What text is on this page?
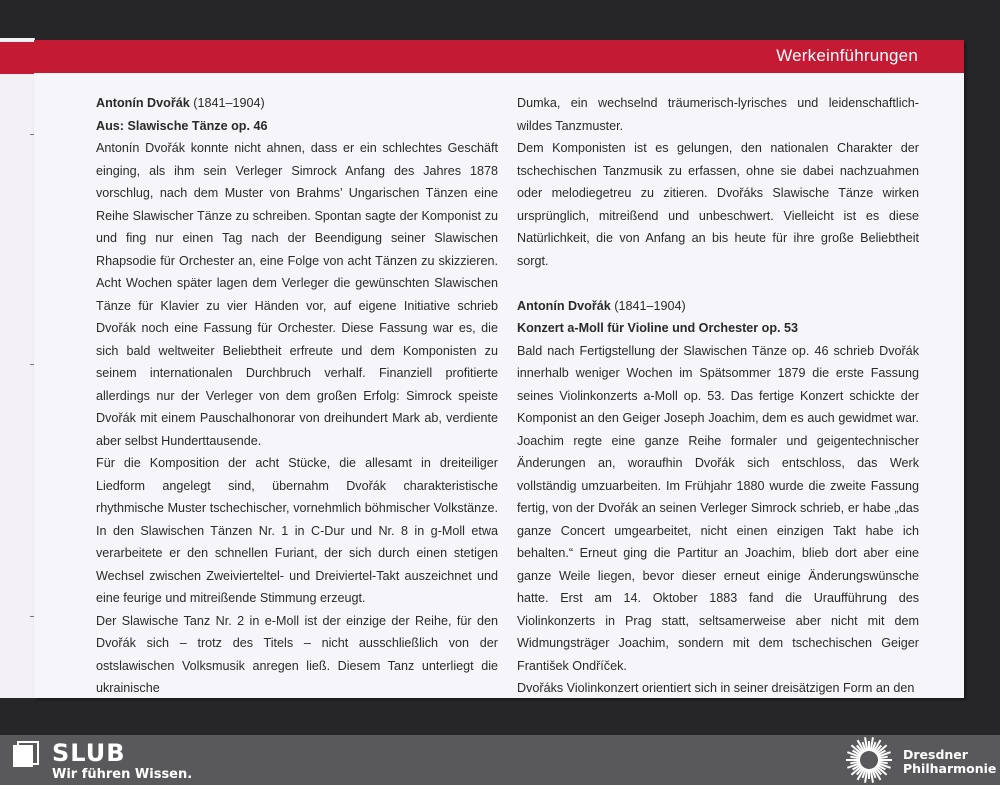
Werkeinführungen

Antonín Dvořák (1841–1904)

Aus: Slawische Tänze op. 46

Antonín Dvořák konnte nicht ahnen, dass er ein schlechtes Geschäft einging, als ihm sein Verleger Simrock Anfang des Jahres 1878 vorschlug, nach dem Muster von Brahms’ Ungarischen Tänzen eine Reihe Slawischer Tänze zu schreiben. Spontan sagte der Komponist zu und fing nur einen Tag nach der Beendigung seiner Slawischen Rhapsodie für Orchester an, eine Folge von acht Tänzen zu skizzieren. Acht Wochen später lagen dem Verleger die gewünschten Slawischen Tänze für Klavier zu vier Händen vor, auf eigene Initiative schrieb Dvořák noch eine Fassung für Orchester. Diese Fassung war es, die sich bald weltweiter Beliebtheit erfreute und dem Komponisten zu seinem internationalen Durchbruch verhalf. Finanziell profitierte allerdings nur der Verleger von dem großen Erfolg: Simrock speiste Dvořák mit einem Pauschalhonorar von dreihundert Mark ab, verdiente aber selbst Hunderttausende.

Für die Komposition der acht Stücke, die allesamt in dreiteiliger Liedform angelegt sind, übernahm Dvořák charakteristische rhythmische Muster tschechischer, vornehmlich böhmischer Volkstänze. In den Slawischen Tänzen Nr. 1 in C-Dur und Nr. 8 in g-Moll etwa verarbeitete er den schnellen Furiant, der sich durch einen stetigen Wechsel zwischen Zweivierteltel- und Dreiviertel-Takt auszeichnet und eine feurige und mitreißende Stimmung erzeugt.

Der Slawische Tanz Nr. 2 in e-Moll ist der einzige der Reihe, für den Dvořák sich – trotz des Titels – nicht ausschließlich von der ostslawischen Volksmusik anregen ließ. Diesem Tanz unterliegt die ukrainische

Dumka, ein wechselnd träumerisch-lyrisches und leidenschaftlich-wildes Tanzmuster.

Dem Komponisten ist es gelungen, den nationalen Charakter der tschechischen Tanzmusik zu erfassen, ohne sie dabei nachzuahmen oder melodiegetreu zu zitieren. Dvořáks Slawische Tänze wirken ursprünglich, mitreißend und unbeschwert. Vielleicht ist es diese Natürlichkeit, die von Anfang an bis heute für ihre große Beliebtheit sorgt.

Antonín Dvořák (1841–1904)

Konzert a-Moll für Violine und Orchester op. 53

Bald nach Fertigstellung der Slawischen Tänze op. 46 schrieb Dvořák innerhalb weniger Wochen im Spätsommer 1879 die erste Fassung seines Violinkonzerts a-Moll op. 53. Das fertige Konzert schickte der Komponist an den Geiger Joseph Joachim, dem es auch gewidmet war. Joachim regte eine ganze Reihe formaler und geigentechnischer Änderungen an, woraufhin Dvořák sich entschloss, das Werk vollständig umzuarbeiten. Im Frühjahr 1880 wurde die zweite Fassung fertig, von der Dvořák an seinen Verleger Simrock schrieb, er habe „das ganze Concert umgearbeitet, nicht einen einzigen Takt habe ich behalten.“ Erneut ging die Partitur an Joachim, blieb dort aber eine ganze Weile liegen, bevor dieser erneut einige Änderungswünsche hatte. Erst am 14. Oktober 1883 fand die Uraufführung des Violinkonzerts in Prag statt, seltsamerweise aber nicht mit dem Widmungsträger Joachim, sondern mit dem tschechischen Geiger František Ondříček.

Dvořáks Violinkonzert orientiert sich in seiner dreisätzigen Form an den

SLUB
Wir führen Wissen.
Dresdner
Philharmonie
